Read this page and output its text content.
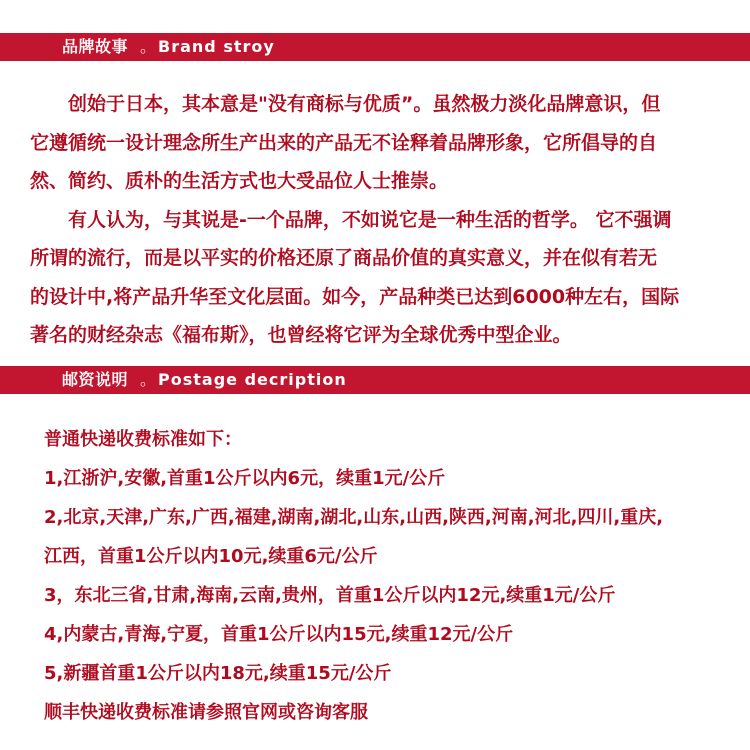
品牌故事 。 Brand stroy
　　创始于日本，其本意是"没有商标与优质”。虽然极力淡化品牌意识，但
它遵循统一设计理念所生产出来的产品无不诠释着品牌形象，它所倡导的自
然、简约、质朴的生活方式也大受品位人士推崇。
　　有人认为，与其说是-一个品牌，不如说它是一种生活的哲学。 它不强调
所谓的流行，而是以平实的价格还原了商品价值的真实意义，并在似有若无
的设计中,将产品升华至文化层面。如今，产品种类已达到6000种左右，国际
著名的财经杂志《福布斯》，也曾经将它评为全球优秀中型企业。
邮资说明 。 Postage decription
普通快递收费标准如下：
1,江浙沪,安徽,首重1公斤以内6元，续重1元/公斤
2,北京,天津,广东,广西,福建,湖南,湖北,山东,山西,陕西,河南,河北,四川,重庆,
江西，首重1公斤以内10元,续重6元/公斤
3，东北三省,甘肃,海南,云南,贵州，首重1公斤以内12元,续重1元/公斤
4,内蒙古,青海,宁夏，首重1公斤以内15元,续重12元/公斤
5,新疆首重1公斤以内18元,续重15元/公斤
顺丰快递收费标准请参照官网或咨询客服
